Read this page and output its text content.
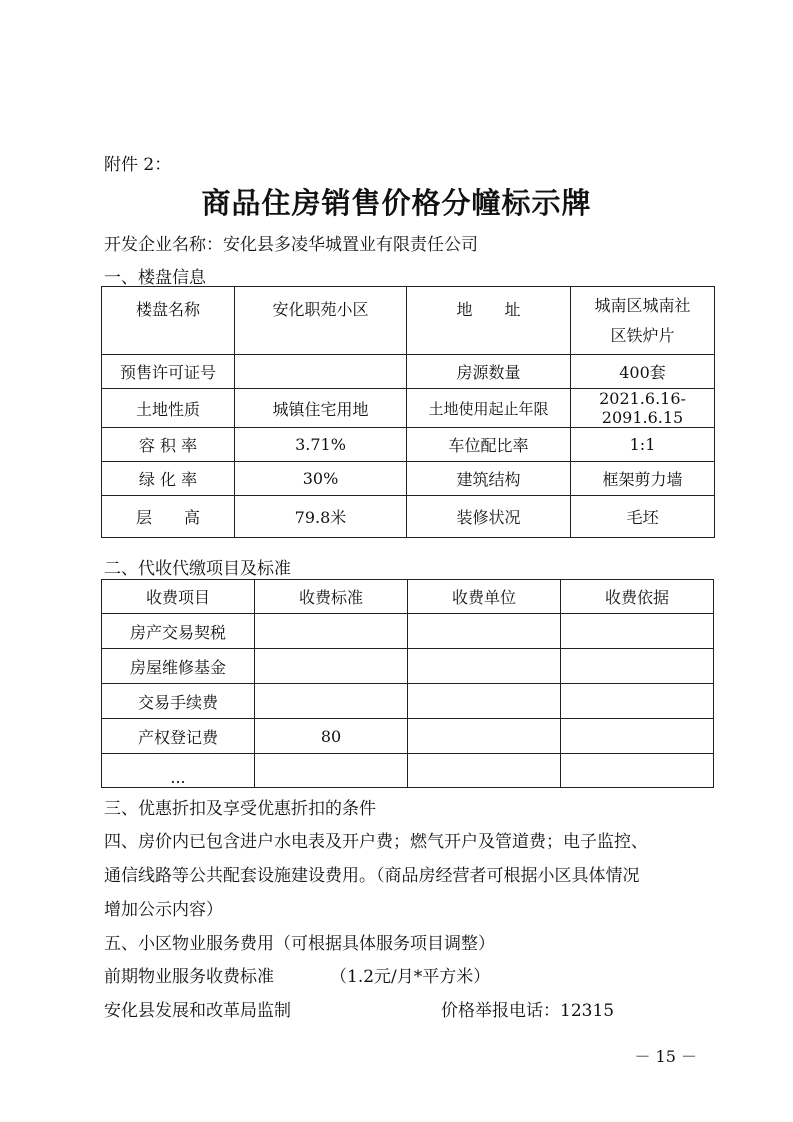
附件 2：
商品住房销售价格分幢标示牌
开发企业名称：安化县多凌华城置业有限责任公司
一、楼盘信息
楼盘名称	安化职苑小区	地　　址	城南区城南社
区铁炉片

预售许可证号		房源数量	400套
土地性质	城镇住宅用地	土地使用起止年限	2021.6.16-2091.6.15
容 积 率	3.71%	车位配比率	1:1
绿 化 率	30%	建筑结构	框架剪力墙
层　　高	79.8米	装修状况	毛坯
二、代收代缴项目及标准
收费项目	收费标准	收费单位	收费依据
房产交易契税			
房屋维修基金			
交易手续费			
产权登记费	80		
...			
三、优惠折扣及享受优惠折扣的条件
四、房价内已包含进户水电表及开户费；燃气开户及管道费；电子监控、
通信线路等公共配套设施建设费用。（商品房经营者可根据小区具体情况
增加公示内容）
五、小区物业服务费用（可根据具体服务项目调整）
前期物业服务收费标准	（1.2元/月*平方米）
安化县发展和改革局监制	价格举报电话：12315
－ 15 －
